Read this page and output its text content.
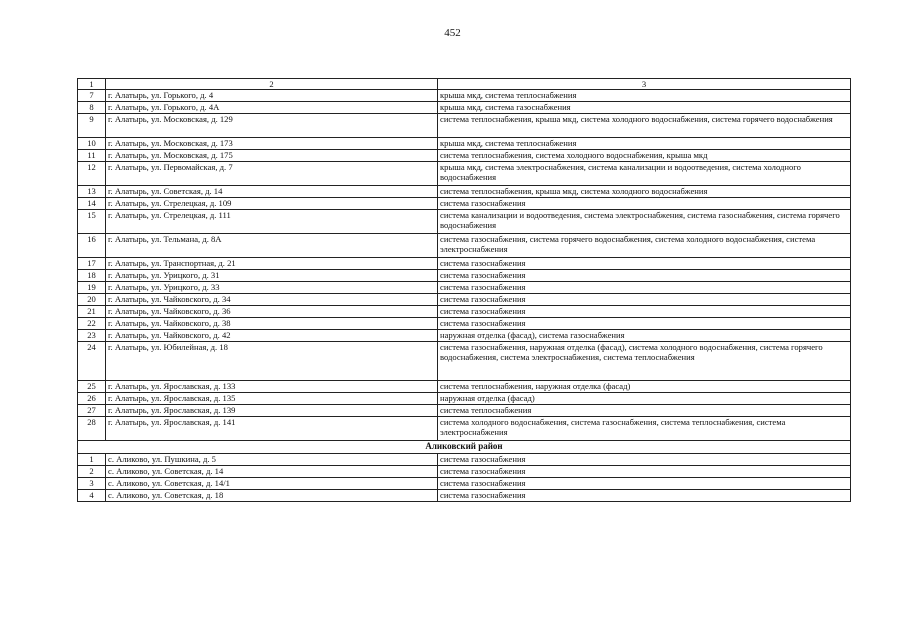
452
1	2	3
7	г. Алатырь, ул. Горького, д. 4	крыша мкд, система теплоснабжения
8	г. Алатырь, ул. Горького, д. 4А	крыша мкд, система газоснабжения
9	г. Алатырь, ул. Московская, д. 129	система теплоснабжения, крыша мкд, система холодного водоснабжения, система горячего водоснабжения
10	г. Алатырь, ул. Московская, д. 173	крыша мкд, система теплоснабжения
11	г. Алатырь, ул. Московская, д. 175	система теплоснабжения, система холодного водоснабжения, крыша мкд
12	г. Алатырь, ул. Первомайская, д. 7	крыша мкд, система электроснабжения, система канализации и водоотведения, система холодного водоснабжения
13	г. Алатырь, ул. Советская, д. 14	система теплоснабжения, крыша мкд, система холодного водоснабжения
14	г. Алатырь, ул. Стрелецкая, д. 109	система газоснабжения
15	г. Алатырь, ул. Стрелецкая, д. 111	система канализации и водоотведения, система электроснабжения, система газоснабжения, система горячего водоснабжения
16	г. Алатырь, ул. Тельмана, д. 8А	система газоснабжения, система горячего водоснабжения, система холодного водоснабжения, система электроснабжения
17	г. Алатырь, ул. Транспортная, д. 21	система газоснабжения
18	г. Алатырь, ул. Урицкого, д. 31	система газоснабжения
19	г. Алатырь, ул. Урицкого, д. 33	система газоснабжения
20	г. Алатырь, ул. Чайковского, д. 34	система газоснабжения
21	г. Алатырь, ул. Чайковского, д. 36	система газоснабжения
22	г. Алатырь, ул. Чайковского, д. 38	система газоснабжения
23	г. Алатырь, ул. Чайковского, д. 42	наружная отделка (фасад), система газоснабжения
24	г. Алатырь, ул. Юбилейная, д. 18	система газоснабжения, наружная отделка (фасад), система холодного водоснабжения, система горячего водоснабжения, система электроснабжения, система теплоснабжения
25	г. Алатырь, ул. Ярославская, д. 133	система теплоснабжения, наружная отделка (фасад)
26	г. Алатырь, ул. Ярославская, д. 135	наружная отделка (фасад)
27	г. Алатырь, ул. Ярославская, д. 139	система теплоснабжения
28	г. Алатырь, ул. Ярославская, д. 141	система холодного водоснабжения, система газоснабжения, система теплоснабжения, система электроснабжения
Аликовский район		
1	с. Аликово, ул. Пушкина, д. 5	система газоснабжения
2	с. Аликово, ул. Советская, д. 14	система газоснабжения
3	с. Аликово, ул. Советская, д. 14/1	система газоснабжения
4	с. Аликово, ул. Советская, д. 18	система газоснабжения
